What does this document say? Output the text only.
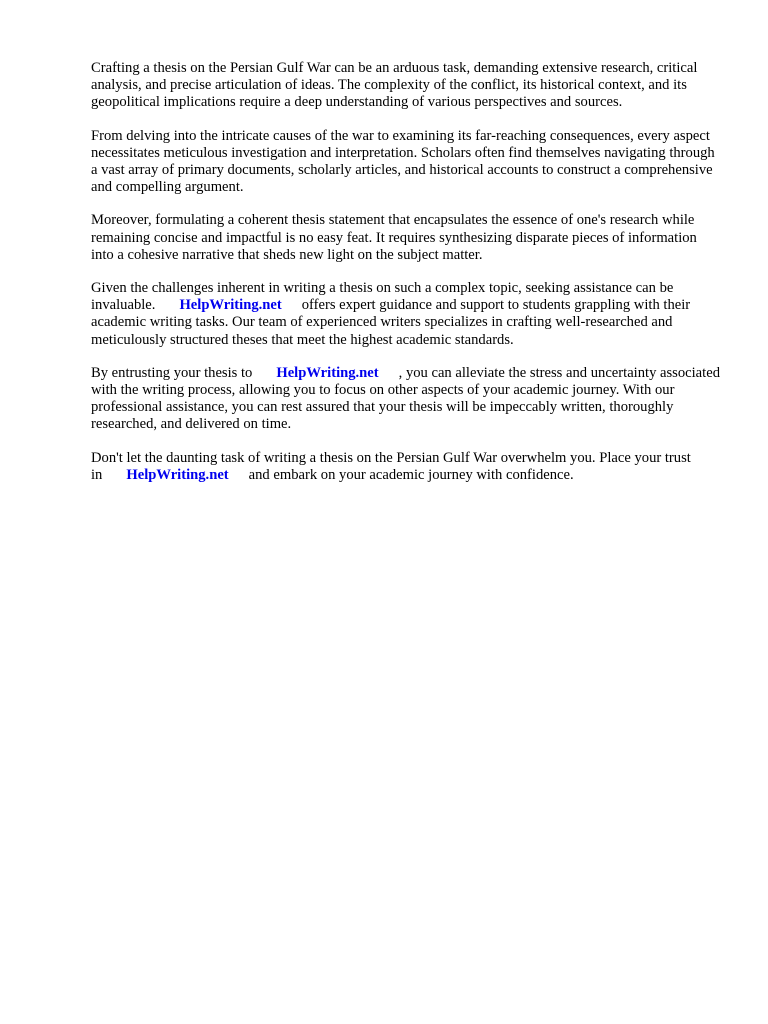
Crafting a thesis on the Persian Gulf War can be an arduous task, demanding extensive research, critical analysis, and precise articulation of ideas. The complexity of the conflict, its historical context, and its geopolitical implications require a deep understanding of various perspectives and sources.

From delving into the intricate causes of the war to examining its far-reaching consequences, every aspect necessitates meticulous investigation and interpretation. Scholars often find themselves navigating through a vast array of primary documents, scholarly articles, and historical accounts to construct a comprehensive and compelling argument.

Moreover, formulating a coherent thesis statement that encapsulates the essence of one's research while remaining concise and impactful is no easy feat. It requires synthesizing disparate pieces of information into a cohesive narrative that sheds new light on the subject matter.

Given the challenges inherent in writing a thesis on such a complex topic, seeking assistance can be invaluable. HelpWriting.net offers expert guidance and support to students grappling with their academic writing tasks. Our team of experienced writers specializes in crafting well-researched and meticulously structured theses that meet the highest academic standards.

By entrusting your thesis to HelpWriting.net , you can alleviate the stress and uncertainty associated with the writing process, allowing you to focus on other aspects of your academic journey. With our professional assistance, you can rest assured that your thesis will be impeccably written, thoroughly researched, and delivered on time.

Don't let the daunting task of writing a thesis on the Persian Gulf War overwhelm you. Place your trust in HelpWriting.net and embark on your academic journey with confidence.
